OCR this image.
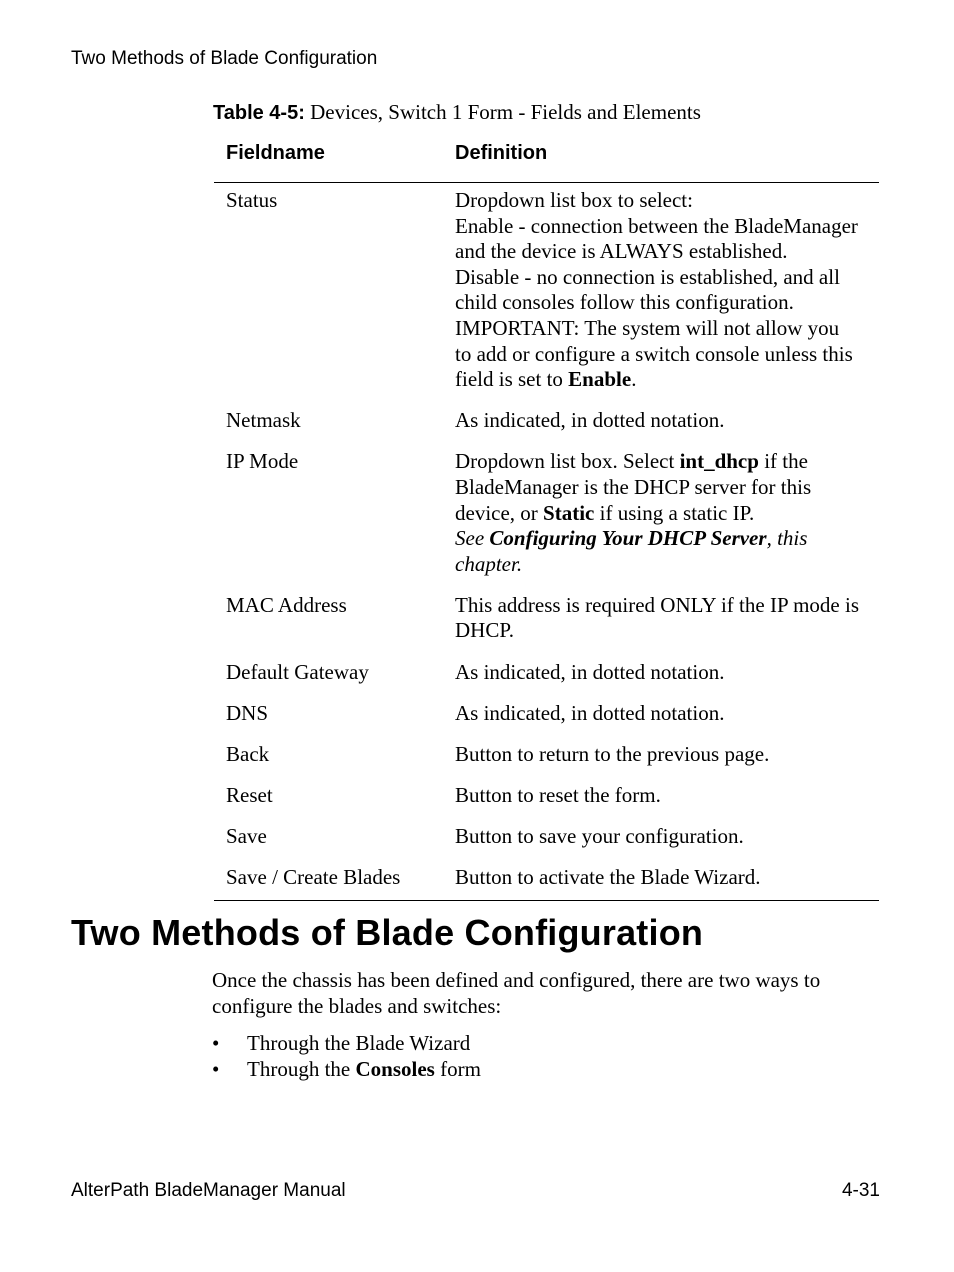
Two Methods of Blade Configuration
Table 4-5: Devices, Switch 1 Form - Fields and Elements
Fieldname	Definition
Status	Dropdown list box to select:
Enable - connection between the BladeManager
and the device is ALWAYS established.
Disable - no connection is established, and all
child consoles follow this configuration.
IMPORTANT: The system will not allow you
to add or configure a switch console unless this
field is set to Enable.
Netmask	As indicated, in dotted notation.
IP Mode	Dropdown list box. Select int_dhcp if the
BladeManager is the DHCP server for this
device, or Static if using a static IP.
See Configuring Your DHCP Server, this
chapter.
MAC Address	This address is required ONLY if the IP mode is
DHCP.
Default Gateway	As indicated, in dotted notation.
DNS	As indicated, in dotted notation.
Back	Button to return to the previous page.
Reset	Button to reset the form.
Save	Button to save your configuration.
Save / Create Blades	Button to activate the Blade Wizard.
Two Methods of Blade Configuration
Once the chassis has been defined and configured, there are two ways to
configure the blades and switches:
•	Through the Blade Wizard
•	Through the Consoles form
AlterPath BladeManager Manual	4-31
